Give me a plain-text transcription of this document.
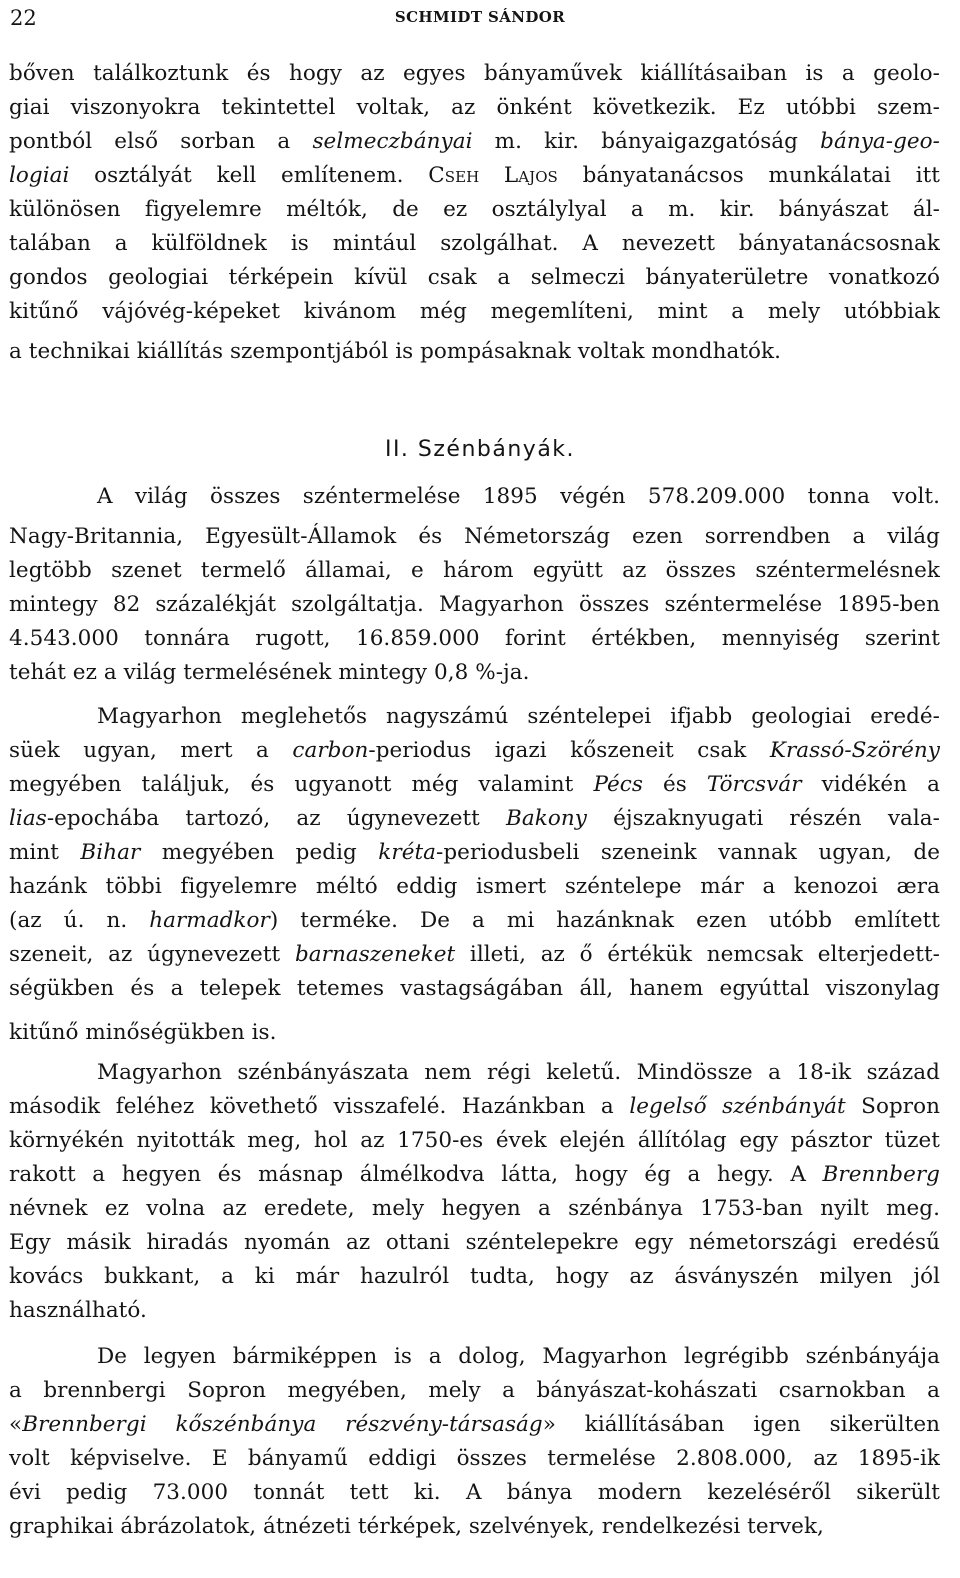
22	SCHMIDT SÁNDOR
II. Szénbányák.
bőven találkoztunk és hogy az egyes bányaművek kiállításaiban is a geolo-
giai viszonyokra tekintettel voltak, az önként következik. Ez utóbbi szem-
pontból első sorban a selmeczbányai m. kir. bányaigazgatóság bánya-geo-
logiai osztályát kell említenem. Cseh Lajos bányatanácsos munkálatai itt
különösen figyelemre méltók, de ez osztálylyal a m. kir. bányászat ál-
talában a külföldnek is mintául szolgálhat. A nevezett bányatanácsosnak
gondos geologiai térképein kívül csak a selmeczi bányaterületre vonatkozó
kitűnő vájóvég-képeket kivánom még megemlíteni, mint a mely utóbbiak
a technikai kiállítás szempontjából is pompásaknak voltak mondhatók.
A világ összes széntermelése 1895 végén 578.209.000 tonna volt.
Nagy-Britannia, Egyesült-Államok és Németország ezen sorrendben a világ
legtöbb szenet termelő államai, e három együtt az összes széntermelésnek
mintegy 82 százalékját szolgáltatja. Magyarhon összes széntermelése 1895-ben
4.543.000 tonnára rugott, 16.859.000 forint értékben, mennyiség szerint
tehát ez a világ termelésének mintegy 0,8 %-ja.
Magyarhon meglehetős nagyszámú széntelepei ifjabb geologiai eredé-
süek ugyan, mert a carbon-periodus igazi kőszeneit csak Krassó-Szörény
megyében találjuk, és ugyanott még valamint Pécs és Törcsvár vidékén a
lias-epochába tartozó, az úgynevezett Bakony éjszaknyugati részén vala-
mint Bihar megyében pedig kréta-periodusbeli szeneink vannak ugyan, de
hazánk többi figyelemre méltó eddig ismert széntelepe már a kenozoi æra
(az ú. n. harmadkor) terméke. De a mi hazánknak ezen utóbb említett
szeneit, az úgynevezett barnaszeneket illeti, az ő értékük nemcsak elterjedett-
ségükben és a telepek tetemes vastagságában áll, hanem egyúttal viszonylag
kitűnő minőségükben is.
Magyarhon szénbányászata nem régi keletű. Mindössze a 18-ik század
második feléhez követhető visszafelé. Hazánkban a legelső szénbányát Sopron
környékén nyitották meg, hol az 1750-es évek elején állítólag egy pásztor tüzet
rakott a hegyen és másnap álmélkodva látta, hogy ég a hegy. A Brennberg
névnek ez volna az eredete, mely hegyen a szénbánya 1753-ban nyilt meg.
Egy másik hiradás nyomán az ottani széntelepekre egy németországi eredésű
kovács bukkant, a ki már hazulról tudta, hogy az ásványszén milyen jól
használható.
De legyen bármiképpen is a dolog, Magyarhon legrégibb szénbányája
a brennbergi Sopron megyében, mely a bányászat-kohászati csarnokban a
«Brennbergi kőszénbánya részvény-társaság» kiállításában igen sikerülten
volt képviselve. E bányamű eddigi összes termelése 2.808.000, az 1895-ik
évi pedig 73.000 tonnát tett ki. A bánya modern kezeléséről sikerült
graphikai ábrázolatok, átnézeti térképek, szelvények, rendelkezési tervek,
